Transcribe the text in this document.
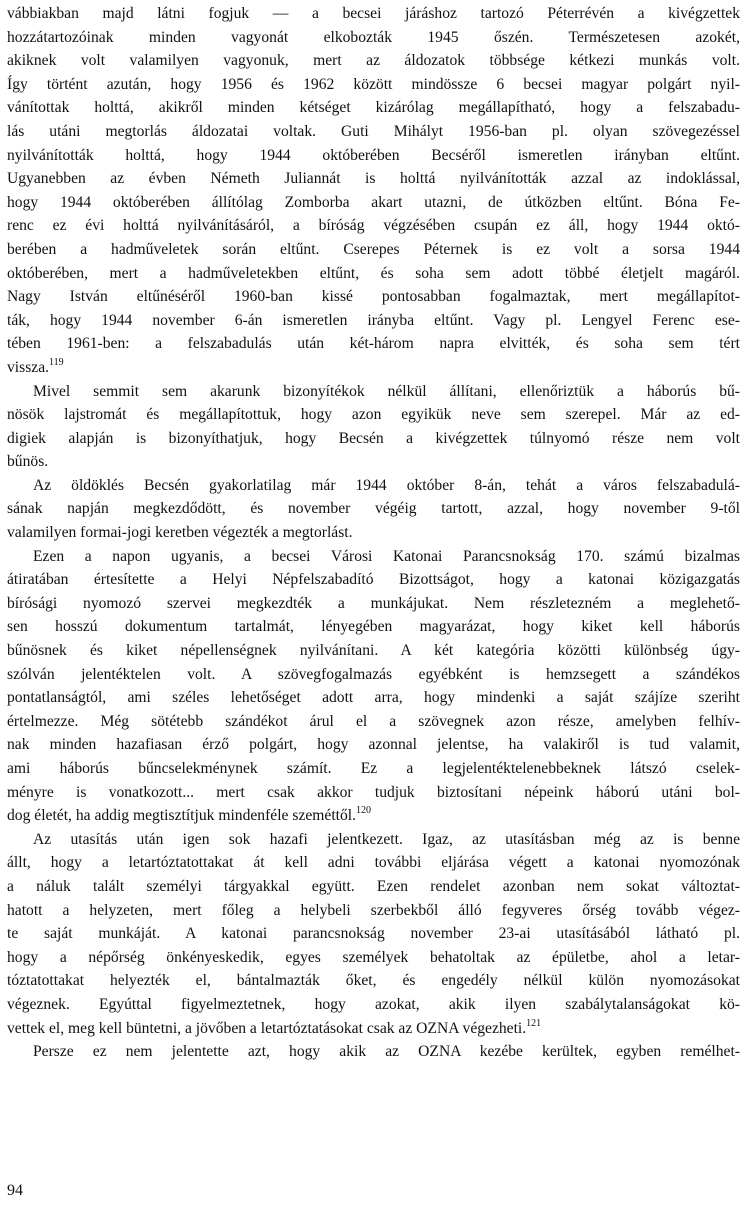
vábbiakban majd látni fogjuk — a becsei járáshoz tartozó Péterrévén a kivégzettek
hozzátartozóinak minden vagyonát elkobozták 1945 őszén. Természetesen azokét,
akiknek volt valamilyen vagyonuk, mert az áldozatok többsége kétkezi munkás volt.
Így történt azután, hogy 1956 és 1962 között mindössze 6 becsei magyar polgárt nyil-
vánítottak holttá, akikről minden kétséget kizárólag megállapítható, hogy a felszabadu-
lás utáni megtorlás áldozatai voltak. Guti Mihályt 1956-ban pl. olyan szövegezéssel
nyilvánították holttá, hogy 1944 októberében Becséről ismeretlen irányban eltűnt.
Ugyanebben az évben Németh Juliannát is holttá nyilvánították azzal az indoklással,
hogy 1944 októberében állítólag Zomborba akart utazni, de útközben eltűnt. Bóna Fe-
renc ez évi holttá nyilvánításáról, a bíróság végzésében csupán ez áll, hogy 1944 októ-
berében a hadműveletek során eltűnt. Cserepes Péternek is ez volt a sorsa 1944
októberében, mert a hadműveletekben eltűnt, és soha sem adott többé életjelt magáról.
Nagy István eltűnéséről 1960-ban kissé pontosabban fogalmaztak, mert megállapítot-
ták, hogy 1944 november 6-án ismeretlen irányba eltűnt. Vagy pl. Lengyel Ferenc ese-
tében 1961-ben: a felszabadulás után két-három napra elvitték, és soha sem tért
vissza.$^{119}$
Mivel semmit sem akarunk bizonyítékok nélkül állítani, ellenőriztük a háborús bű-
nösök lajstromát és megállapítottuk, hogy azon egyikük neve sem szerepel. Már az ed-
digiek alapján is bizonyíthatjuk, hogy Becsén a kivégzettek túlnyomó része nem volt
bűnös.
Az öldöklés Becsén gyakorlatilag már 1944 október 8-án, tehát a város felszabadulá-
sának napján megkezdődött, és november végéig tartott, azzal, hogy november 9-től
valamilyen formai-jogi keretben végezték a megtorlást.
Ezen a napon ugyanis, a becsei Városi Katonai Parancsnokság 170. számú bizalmas
átiratában értesítette a Helyi Népfelszabadító Bizottságot, hogy a katonai közigazgatás
bírósági nyomozó szervei megkezdték a munkájukat. Nem részletezném a meglehető-
sen hosszú dokumentum tartalmát, lényegében magyarázat, hogy kiket kell háborús
bűnösnek és kiket népellenségnek nyilvánítani. A két kategória közötti különbség úgy-
szólván jelentéktelen volt. A szövegfogalmazás egyébként is hemzsegett a szándékos
pontatlanságtól, ami széles lehetőséget adott arra, hogy mindenki a saját szájíze szeriht
értelmezze. Még sötétebb szándékot árul el a szövegnek azon része, amelyben felhív-
nak minden hazafiasan érző polgárt, hogy azonnal jelentse, ha valakiről is tud valamit,
ami háborús bűncselekménynek számít. Ez a legjelentéktelenebbeknek látszó cselek-
ményre is vonatkozott... mert csak akkor tudjuk biztosítani népeink háború utáni bol-
dog életét, ha addig megtisztítjuk mindenféle szeméttől.$^{120}$
Az utasítás után igen sok hazafi jelentkezett. Igaz, az utasításban még az is benne
állt, hogy a letartóztatottakat át kell adni további eljárása végett a katonai nyomozónak
a náluk talált személyi tárgyakkal együtt. Ezen rendelet azonban nem sokat változtat-
hatott a helyzeten, mert főleg a helybeli szerbekből álló fegyveres őrség tovább végez-
te saját munkáját. A katonai parancsnokság november 23-ai utasításából látható pl.
hogy a népőrség önkényeskedik, egyes személyek behatoltak az épületbe, ahol a letar-
tóztatottakat helyezték el, bántalmazták őket, és engedély nélkül külön nyomozásokat
végeznek. Egyúttal figyelmeztetnek, hogy azokat, akik ilyen szabálytalanságokat kö-
vettek el, meg kell büntetni, a jövőben a letartóztatásokat csak az OZNA végezheti.$^{121}$
Persze ez nem jelentette azt, hogy akik az OZNA kezébe kerültek, egyben remélhet-
94
